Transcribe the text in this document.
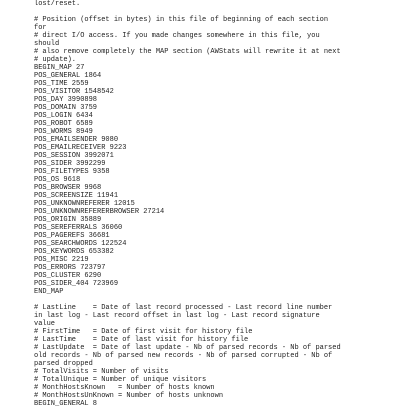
lost/reset.
# Position (offset in bytes) in this file of beginning of each section
for
# direct I/O access. If you made changes somewhere in this file, you
should
# also remove completely the MAP section (AWStats will rewrite it at next
# update).
BEGIN_MAP 27
POS_GENERAL 1864
POS_TIME 2559
POS_VISITOR 1548542
POS_DAY 3990898
POS_DOMAIN 3759
POS_LOGIN 6434
POS_ROBOT 6589
POS_WORMS 8949
POS_EMAILSENDER 9080
POS_EMAILRECEIVER 9223
POS_SESSION 3992071
POS_SIDER 3992299
POS_FILETYPES 9358
POS_OS 9618
POS_BROWSER 9968
POS_SCREENSIZE 11941
POS_UNKNOWNREFERER 12015
POS_UNKNOWNREFERERBROWSER 27214
POS_ORIGIN 35889
POS_SEREFERRALS 36060
POS_PAGEREFS 36681
POS_SEARCHWORDS 122524
POS_KEYWORDS 653382
POS_MISC 2219
POS_ERRORS 723797
POS_CLUSTER 6290
POS_SIDER_404 723969
END_MAP
# LastLine    = Date of last record processed - Last record line number
in last log - Last record offset in last log - Last record signature
value
# FirstTime   = Date of first visit for history file
# LastTime    = Date of last visit for history file
# LastUpdate  = Date of last update - Nb of parsed records - Nb of parsed
old records - Nb of parsed new records - Nb of parsed corrupted - Nb of
parsed dropped
# TotalVisits = Number of visits
# TotalUnique = Number of unique visitors
# MonthHostsKnown   = Number of hosts known
# MonthHostsUnKnown = Number of hosts unknown
BEGIN_GENERAL 8
